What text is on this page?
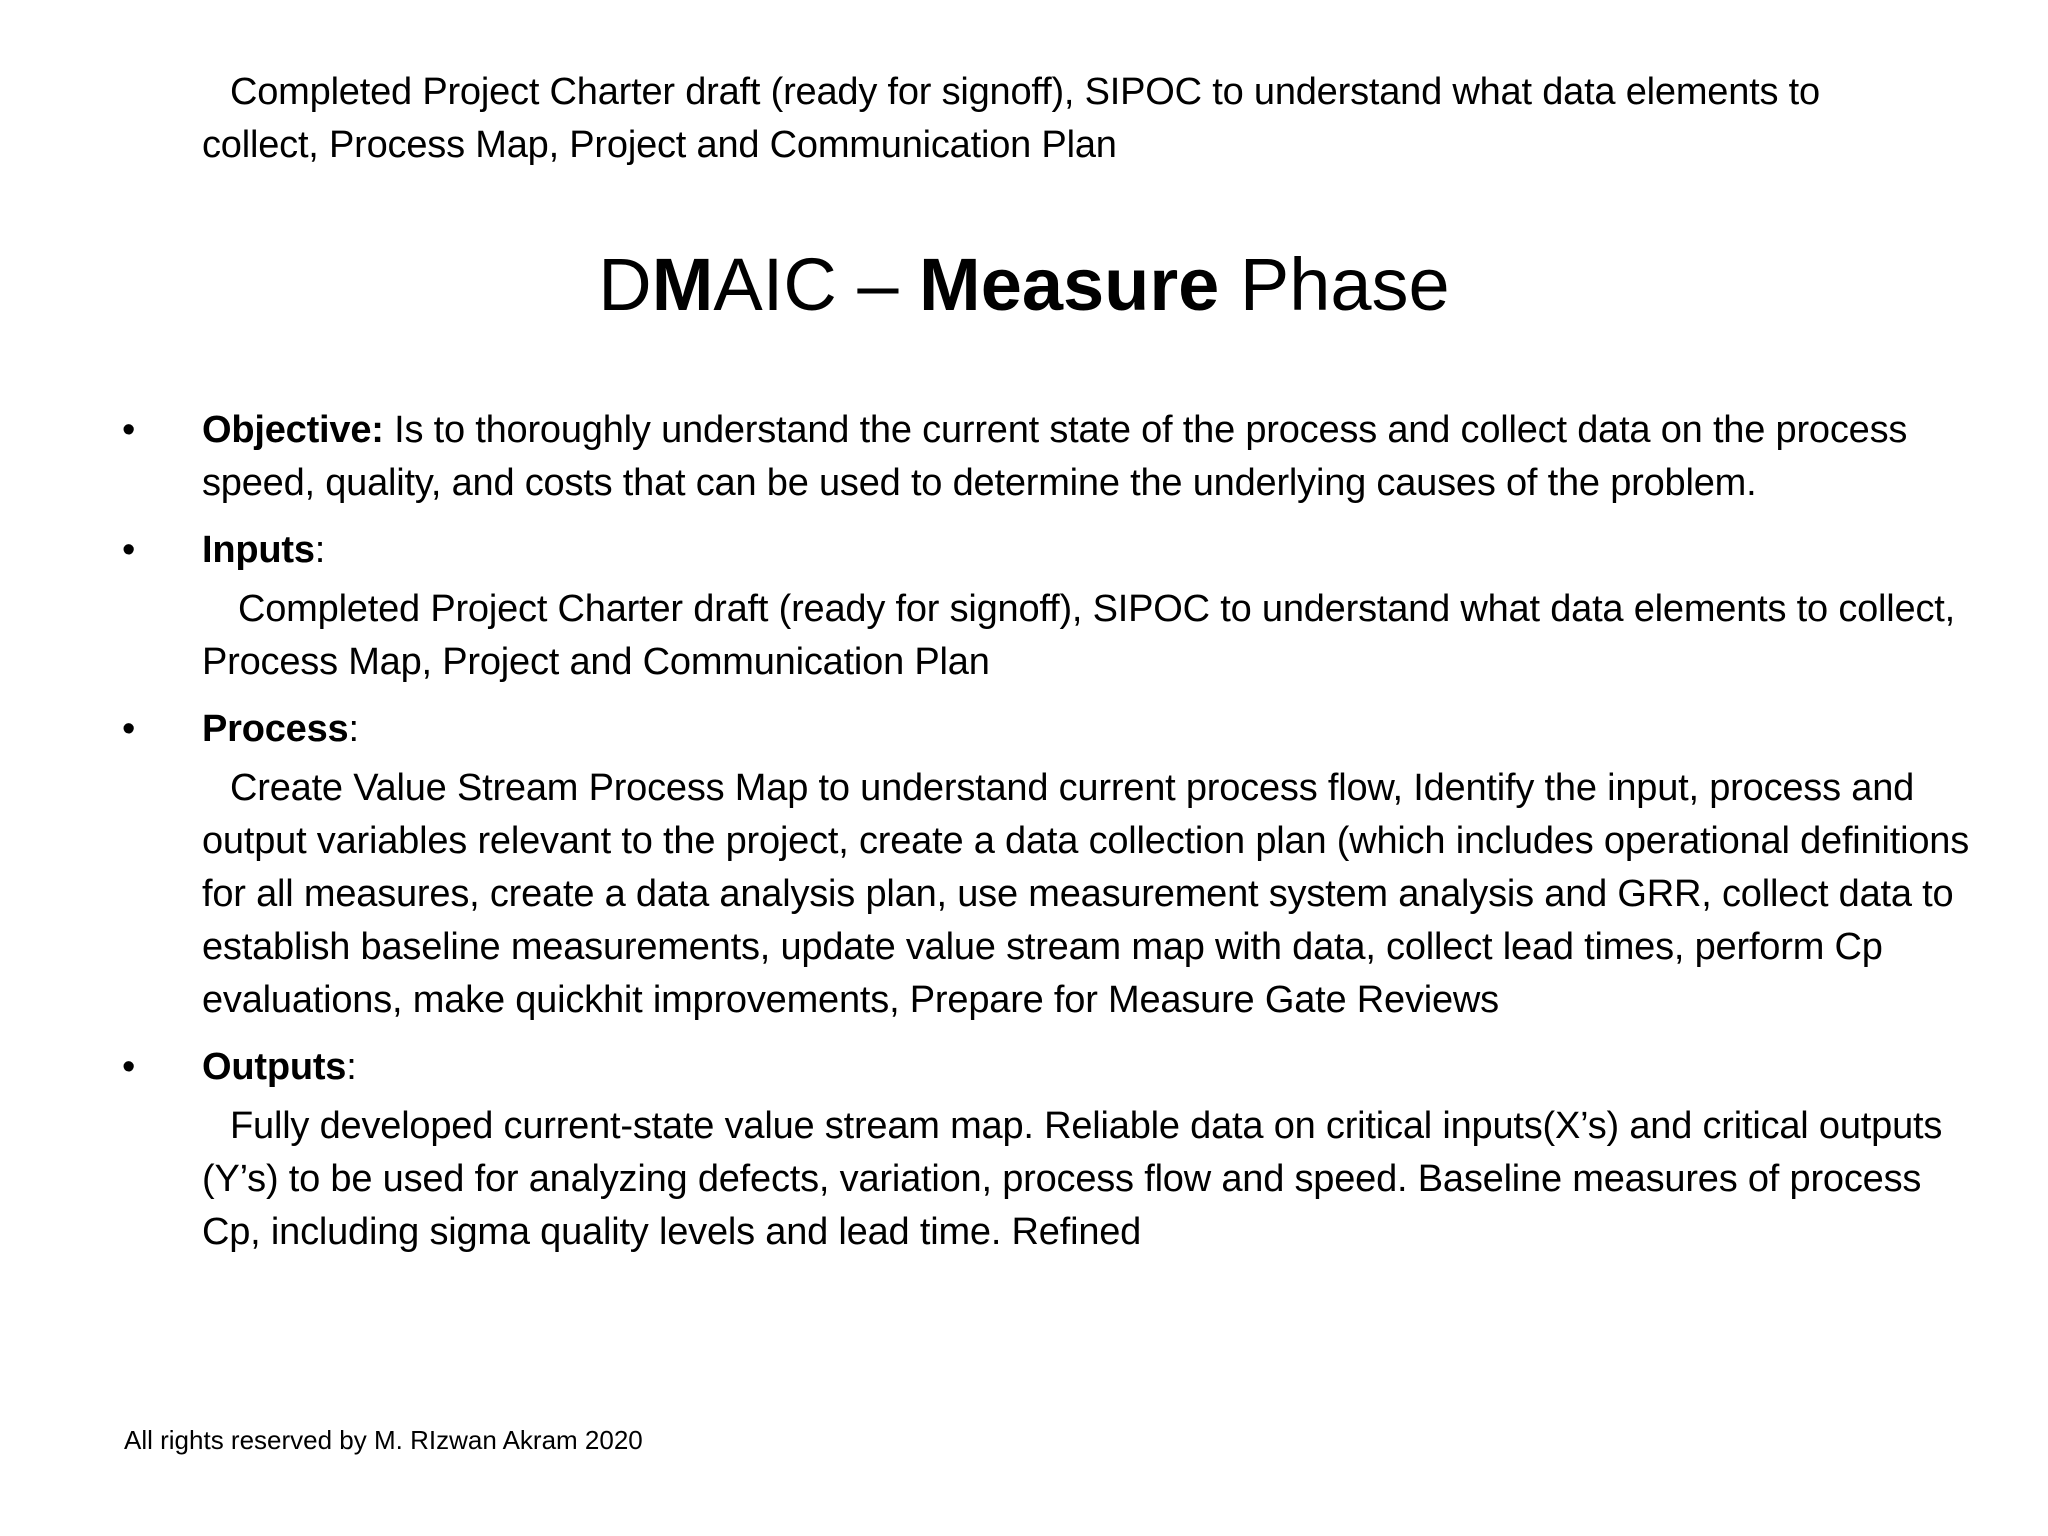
Completed Project Charter draft (ready for signoff), SIPOC to understand what data elements to collect, Process Map, Project and Communication Plan

DMAIC – Measure Phase
• Objective: Is to thoroughly understand the current state of the process and collect data on the process speed, quality, and costs that can be used to determine the underlying causes of the problem.

• Inputs:

Completed Project Charter draft (ready for signoff), SIPOC to understand what data elements to collect, Process Map, Project and Communication Plan

• Process:

Create Value Stream Process Map to understand current process flow, Identify the input, process and output variables relevant to the project, create a data collection plan (which includes operational definitions for all measures, create a data analysis plan, use measurement system analysis and GRR, collect data to establish baseline measurements, update value stream map with data, collect lead times, perform Cp evaluations, make quickhit improvements, Prepare for Measure Gate Reviews

• Outputs:

Fully developed current-state value stream map. Reliable data on critical inputs(X’s) and critical outputs (Y’s) to be used for analyzing defects, variation, process flow and speed. Baseline measures of process Cp, including sigma quality levels and lead time. Refined

All rights reserved by M. RIzwan Akram 2020
